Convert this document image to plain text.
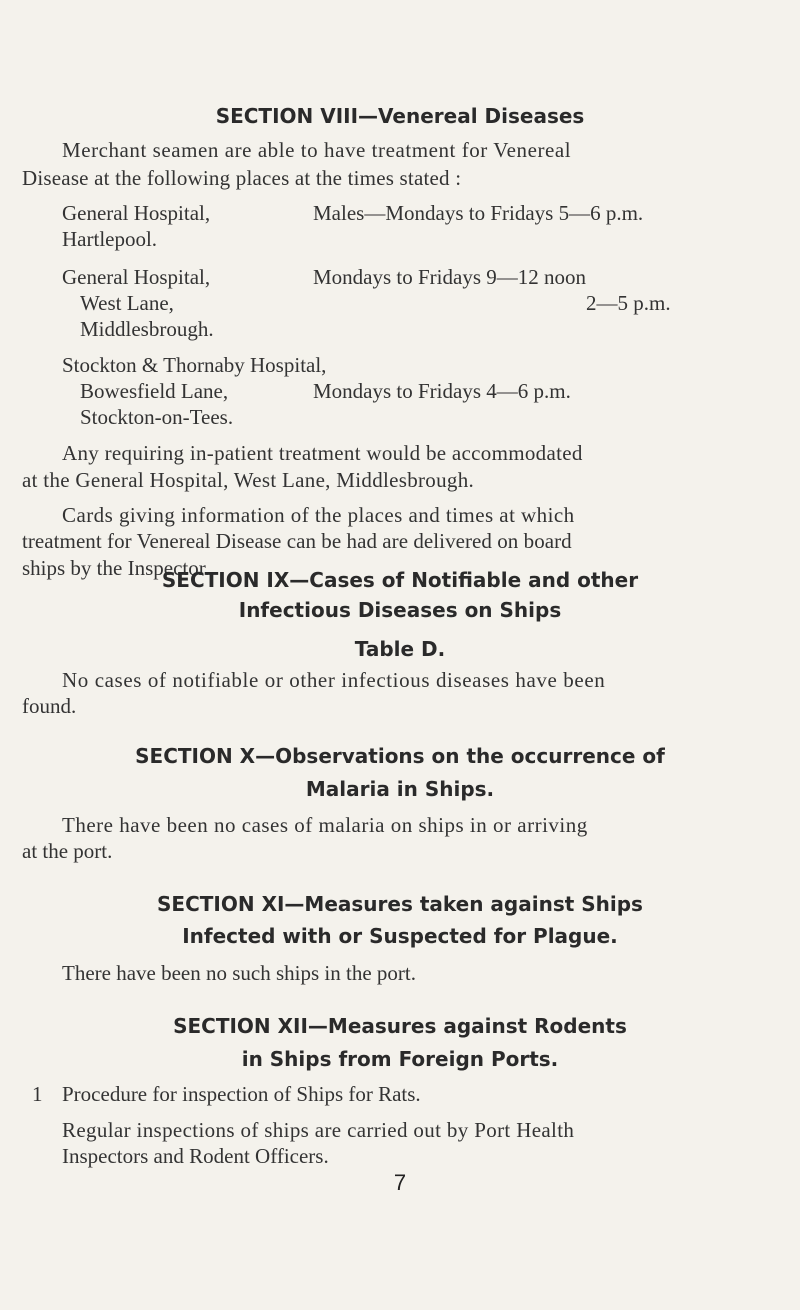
SECTION VIII—Venereal Diseases
Merchant seamen are able to have treatment for Venereal
Disease at the following places at the times stated :
General Hospital,
Hartlepool.
Males—Mondays to Fridays 5—6 p.m.
General Hospital,
West Lane,
Middlesbrough.
Mondays to Fridays 9—12 noon
2—5 p.m.
Stockton & Thornaby Hospital,
Bowesfield Lane,
Stockton-on-Tees.
Mondays to Fridays 4—6 p.m.
Any requiring in-patient treatment would be accommodated
at the General Hospital, West Lane, Middlesbrough.
Cards giving information of the places and times at which
treatment for Venereal Disease can be had are delivered on board
ships by the Inspector.
SECTION IX—Cases of Notifiable and other
Infectious Diseases on Ships
Table D.
No cases of notifiable or other infectious diseases have been
found.
SECTION X—Observations on the occurrence of
Malaria in Ships.
There have been no cases of malaria on ships in or arriving
at the port.
SECTION XI—Measures taken against Ships
Infected with or Suspected for Plague.
There have been no such ships in the port.
SECTION XII—Measures against Rodents
in Ships from Foreign Ports.
1 Procedure for inspection of Ships for Rats.
Regular inspections of ships are carried out by Port Health
Inspectors and Rodent Officers.
7
